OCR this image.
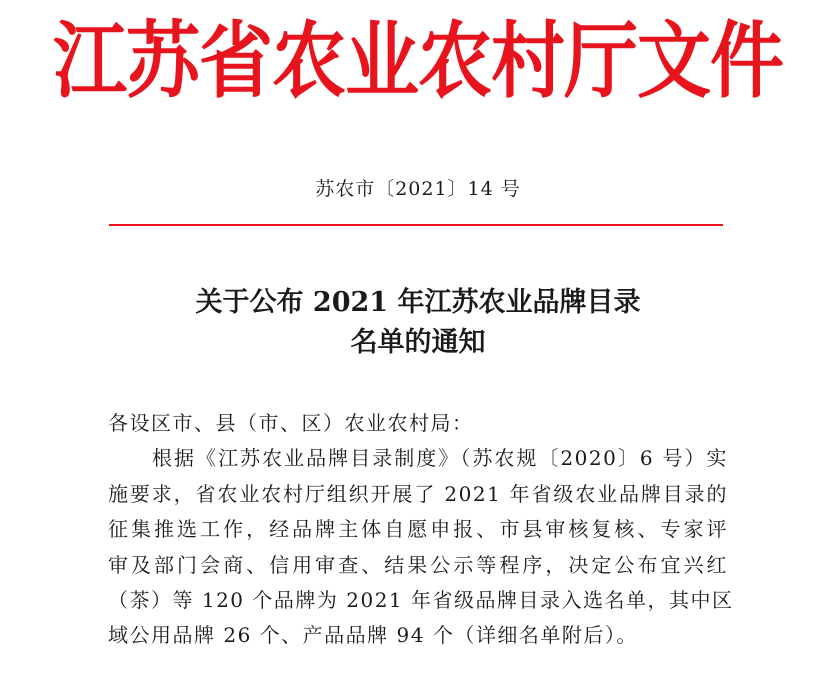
江苏省农业农村厅文件
苏农市〔2021〕14 号
关于公布 2021 年江苏农业品牌目录
名单的通知

各设区市、县（市、区）农业农村局：

根据《江苏农业品牌目录制度》（苏农规〔2020〕6 号）实
施要求，省农业农村厅组织开展了 2021 年省级农业品牌目录的
征集推选工作，经品牌主体自愿申报、市县审核复核、专家评
审及部门会商、信用审查、结果公示等程序，决定公布宜兴红
（茶）等 120 个品牌为 2021 年省级品牌目录入选名单，其中区
域公用品牌 26 个、产品品牌 94 个（详细名单附后）。
